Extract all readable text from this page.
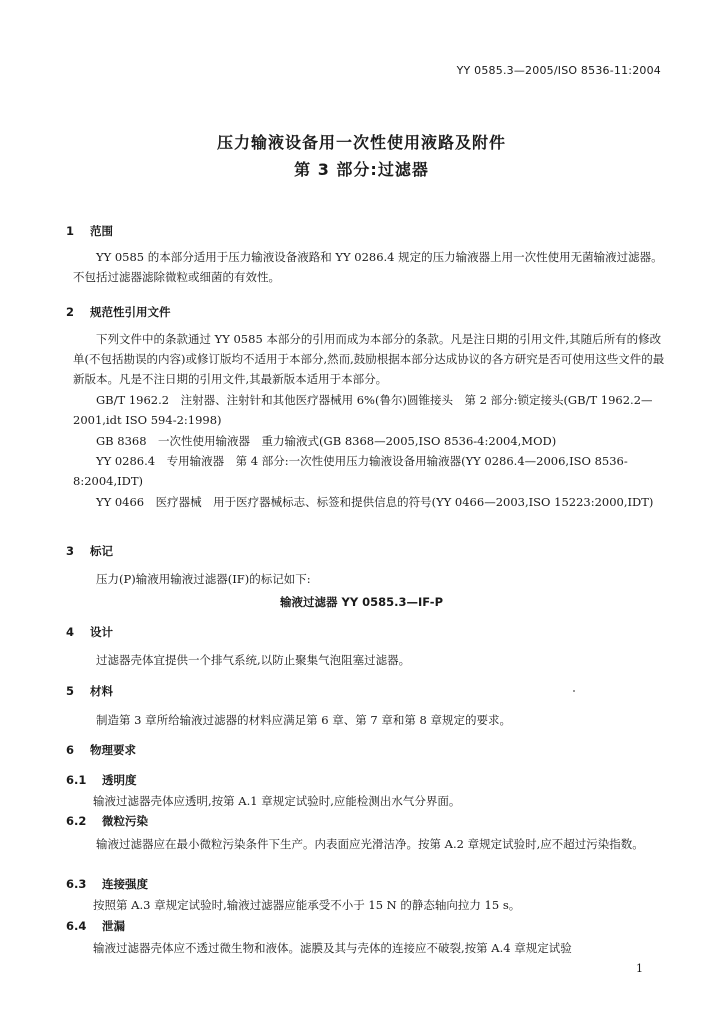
YY 0585.3—2005/ISO 8536-11:2004
压力输液设备用一次性使用液路及附件
第 3 部分:过滤器
1 范围
YY 0585 的本部分适用于压力输液设备液路和 YY 0286.4 规定的压力输液器上用一次性使用无菌输液过滤器。不包括过滤器滤除微粒或细菌的有效性。
2 规范性引用文件
下列文件中的条款通过 YY 0585 本部分的引用而成为本部分的条款。凡是注日期的引用文件,其随后所有的修改单(不包括勘误的内容)或修订版均不适用于本部分,然而,鼓励根据本部分达成协议的各方研究是否可使用这些文件的最新版本。凡是不注日期的引用文件,其最新版本适用于本部分。
GB/T 1962.2　注射器、注射针和其他医疗器械用 6%(鲁尔)圆锥接头　第 2 部分:锁定接头(GB/T 1962.2—2001,idt ISO 594-2:1998)
GB 8368　一次性使用输液器　重力输液式(GB 8368—2005,ISO 8536-4:2004,MOD)
YY 0286.4　专用输液器　第 4 部分:一次性使用压力输液设备用输液器(YY 0286.4—2006,ISO 8536-8:2004,IDT)
YY 0466　医疗器械　用于医疗器械标志、标签和提供信息的符号(YY 0466—2003,ISO 15223:2000,IDT)
3 标记
压力(P)输液用输液过滤器(IF)的标记如下:
输液过滤器 YY 0585.3—IF-P
4 设计
过滤器壳体宜提供一个排气系统,以防止聚集气泡阻塞过滤器。
5 材料
制造第 3 章所给输液过滤器的材料应满足第 6 章、第 7 章和第 8 章规定的要求。
6 物理要求
6.1 透明度
输液过滤器壳体应透明,按第 A.1 章规定试验时,应能检测出水气分界面。
6.2 微粒污染
输液过滤器应在最小微粒污染条件下生产。内表面应光滑洁净。按第 A.2 章规定试验时,应不超过污染指数。
6.3 连接强度
按照第 A.3 章规定试验时,输液过滤器应能承受不小于 15 N 的静态轴向拉力 15 s。
6.4 泄漏
输液过滤器壳体应不透过微生物和液体。滤膜及其与壳体的连接应不破裂,按第 A.4 章规定试验
1
